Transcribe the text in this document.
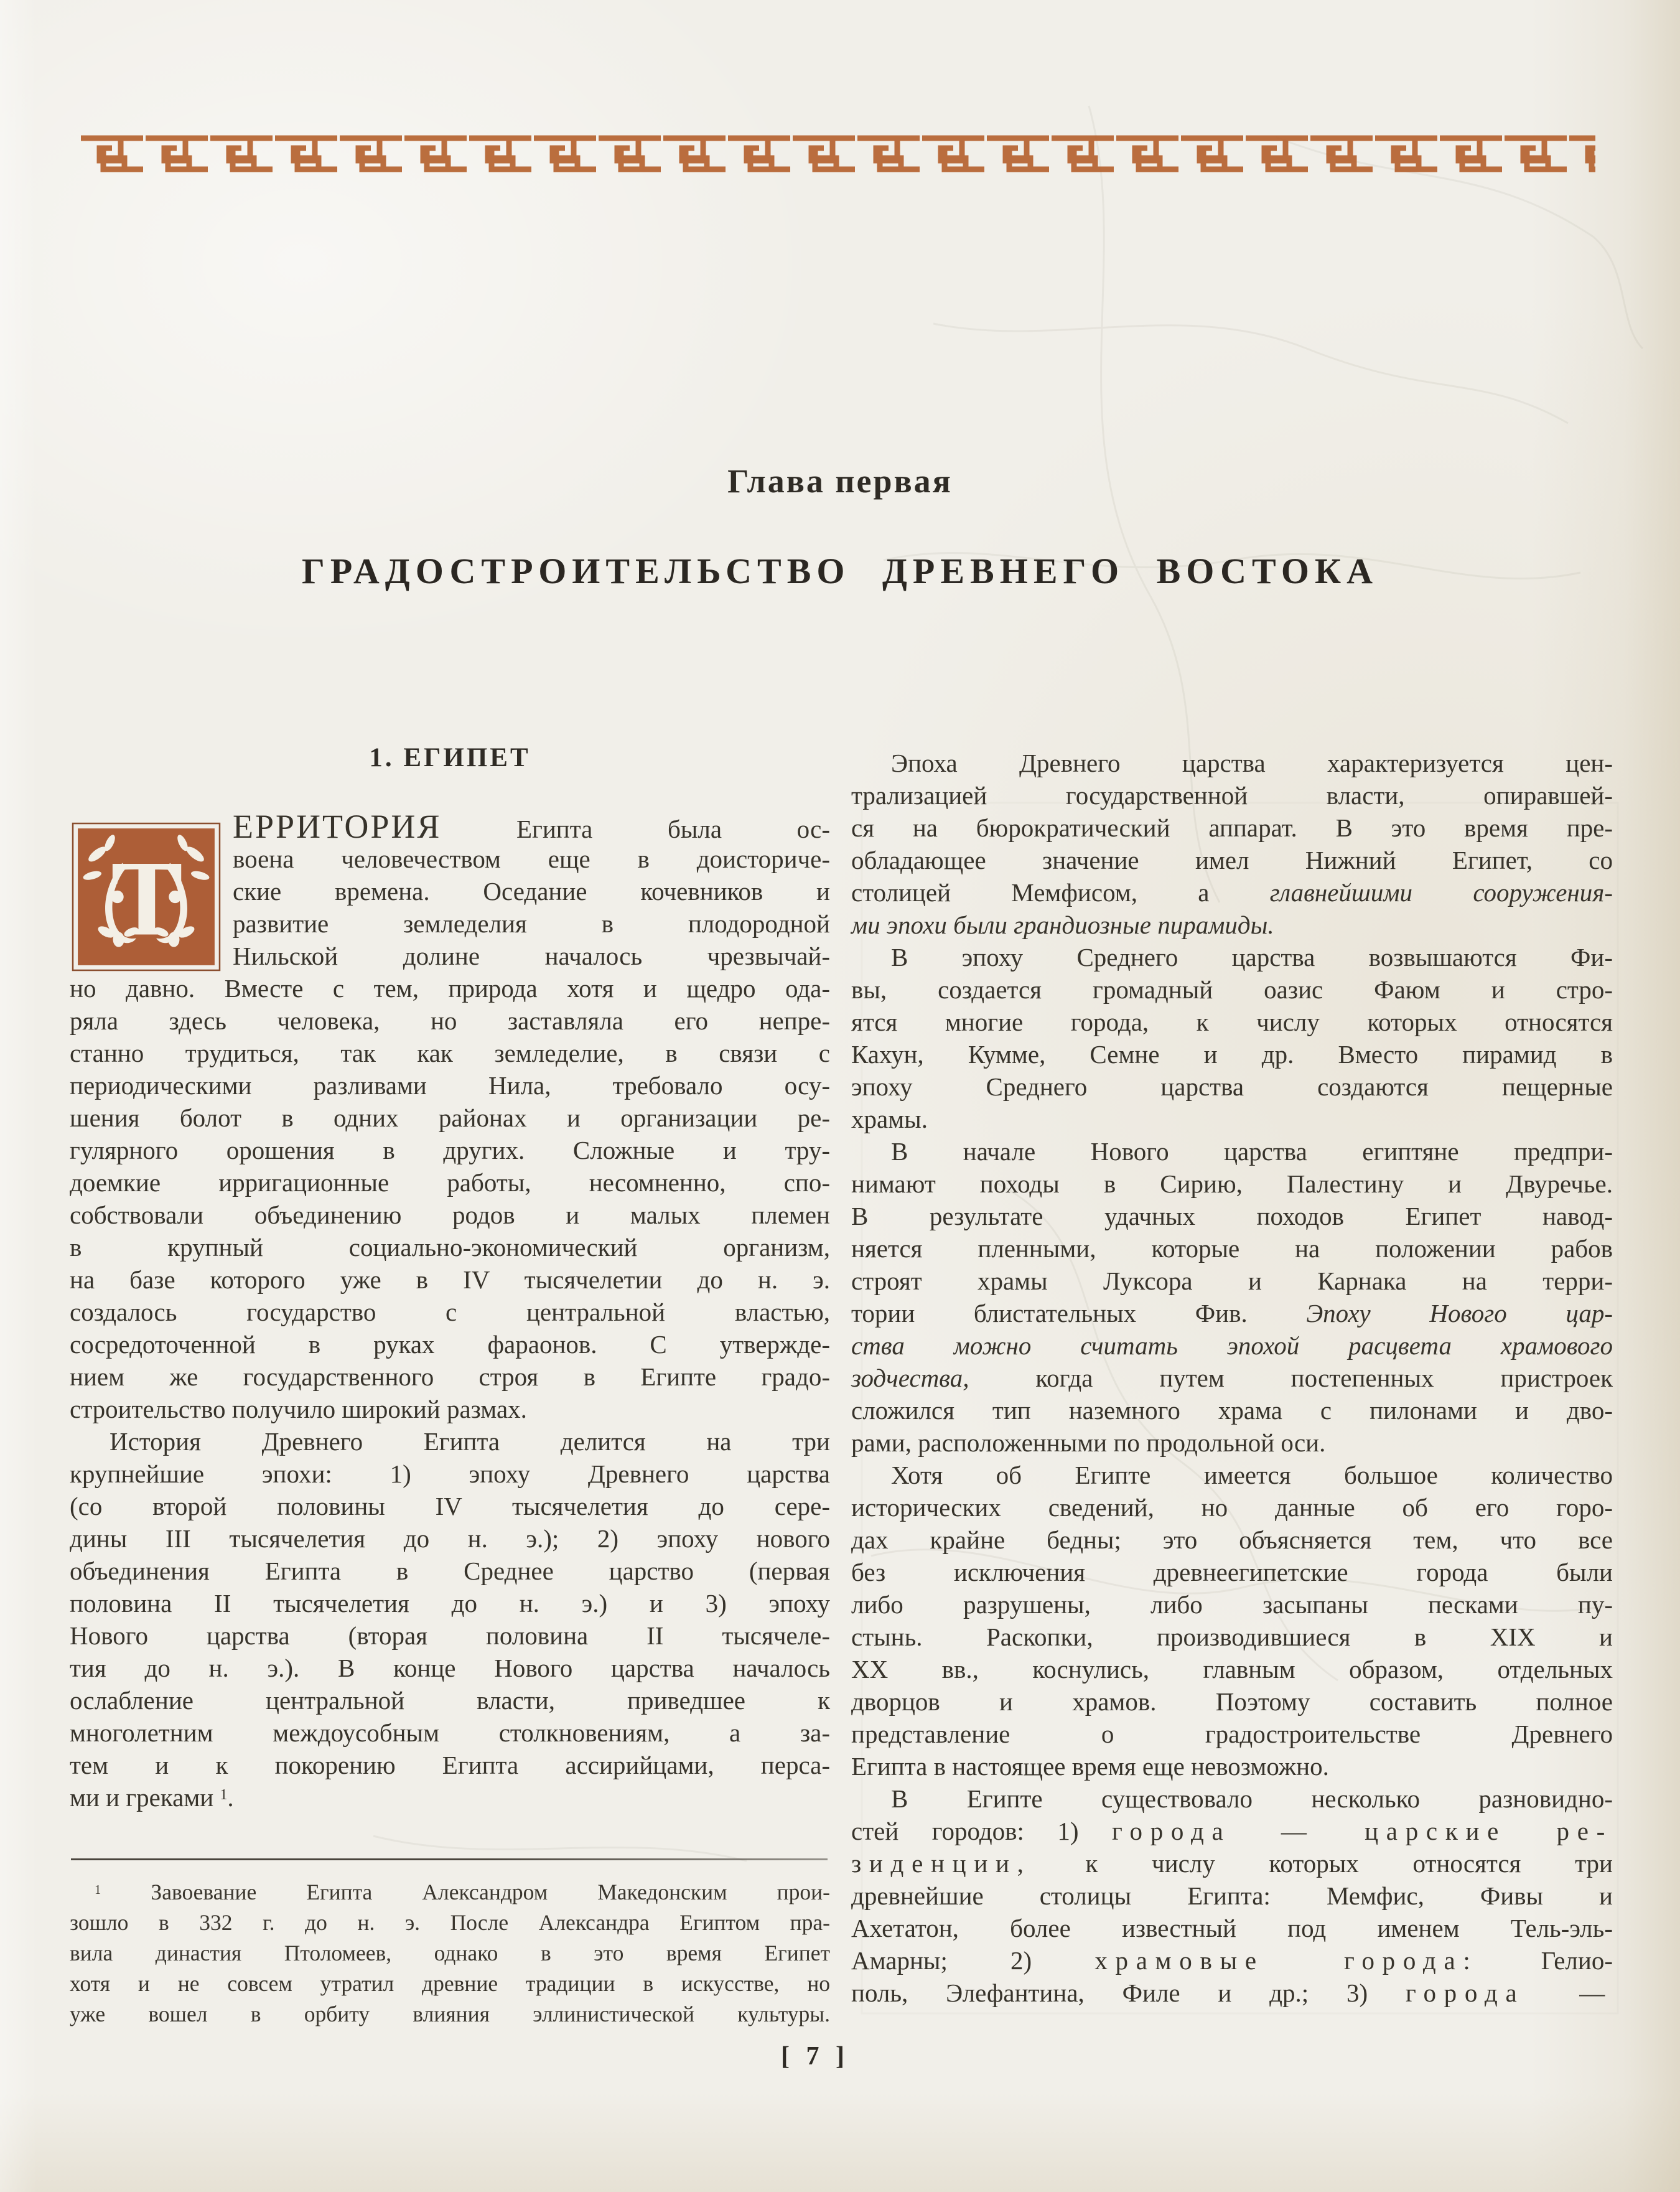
Глава первая
ГРАДОСТРОИТЕЛЬСТВО ДРЕВНЕГО ВОСТОКА
1. ЕГИПЕТ
Т
ЕРРИТОРИЯ Египта была ос-
воена человечеством еще в доисториче-
ские времена. Оседание кочевников и
развитие земледелия в плодородной
Нильской долине началось чрезвычай-
но давно. Вместе с тем, природа хотя и щедро ода-
ряла здесь человека, но заставляла его непре-
станно трудиться, так как земледелие, в связи с
периодическими разливами Нила, требовало осу-
шения болот в одних районах и организации ре-
гулярного орошения в других. Сложные и тру-
доемкие ирригационные работы, несомненно, спо-
собствовали объединению родов и малых племен
в крупный социально-экономический организм,
на базе которого уже в IV тысячелетии до н. э.
создалось государство с центральной властью,
сосредоточенной в руках фараонов. С утвержде-
нием же государственного строя в Египте градо-
строительство получило широкий размах.
История Древнего Египта делится на три
крупнейшие эпохи: 1) эпоху Древнего царства
(со второй половины IV тысячелетия до сере-
дины III тысячелетия до н. э.); 2) эпоху нового
объединения Египта в Среднее царство (первая
половина II тысячелетия до н. э.) и 3) эпоху
Нового царства (вторая половина II тысячеле-
тия до н. э.). В конце Нового царства началось
ослабление центральной власти, приведшее к
многолетним междоусобным столкновениям, а за-
тем и к покорению Египта ассирийцами, перса-
ми и греками $^1$.
Эпоха Древнего царства характеризуется цен-
трализацией государственной власти, опиравшей-
ся на бюрократический аппарат. В это время пре-
обладающее значение имел Нижний Египет, со
столицей Мемфисом, а главнейшими сооружения-
ми эпохи были грандиозные пирамиды.
В эпоху Среднего царства возвышаются Фи-
вы, создается громадный оазис Фаюм и стро-
ятся многие города, к числу которых относятся
Кахун, Кумме, Семне и др. Вместо пирамид в
эпоху Среднего царства создаются пещерные
храмы.
В начале Нового царства египтяне предпри-
нимают походы в Сирию, Палестину и Двуречье.
В результате удачных походов Египет навод-
няется пленными, которые на положении рабов
строят храмы Луксора и Карнака на терри-
тории блистательных Фив. Эпоху Нового цар-
ства можно считать эпохой расцвета храмового
зодчества, когда путем постепенных пристроек
сложился тип наземного храма с пилонами и дво-
рами, расположенными по продольной оси.
Хотя об Египте имеется большое количество
исторических сведений, но данные об его горо-
дах крайне бедны; это объясняется тем, что все
без исключения древнеегипетские города были
либо разрушены, либо засыпаны песками пу-
стынь. Раскопки, производившиеся в XIX и
XX вв., коснулись, главным образом, отдельных
дворцов и храмов. Поэтому составить полное
представление о градостроительстве Древнего
Египта в настоящее время еще невозможно.
В Египте существовало несколько разновидно-
стей городов: 1) города — царские ре-
зиденции, к числу которых относятся три
древнейшие столицы Египта: Мемфис, Фивы и
Ахетатон, более известный под именем Тель-эль-
Амарны; 2) храмовые города: Гелио-
поль, Элефантина, Филе и др.; 3) города —
$^1$ Завоевание Египта Александром Македонским прои-
зошло в 332 г. до н. э. После Александра Египтом пра-
вила династия Птоломеев, однако в это время Египет
хотя и не совсем утратил древние традиции в искусстве, но
уже вошел в орбиту влияния эллинистической культуры.
[ 7 ]
